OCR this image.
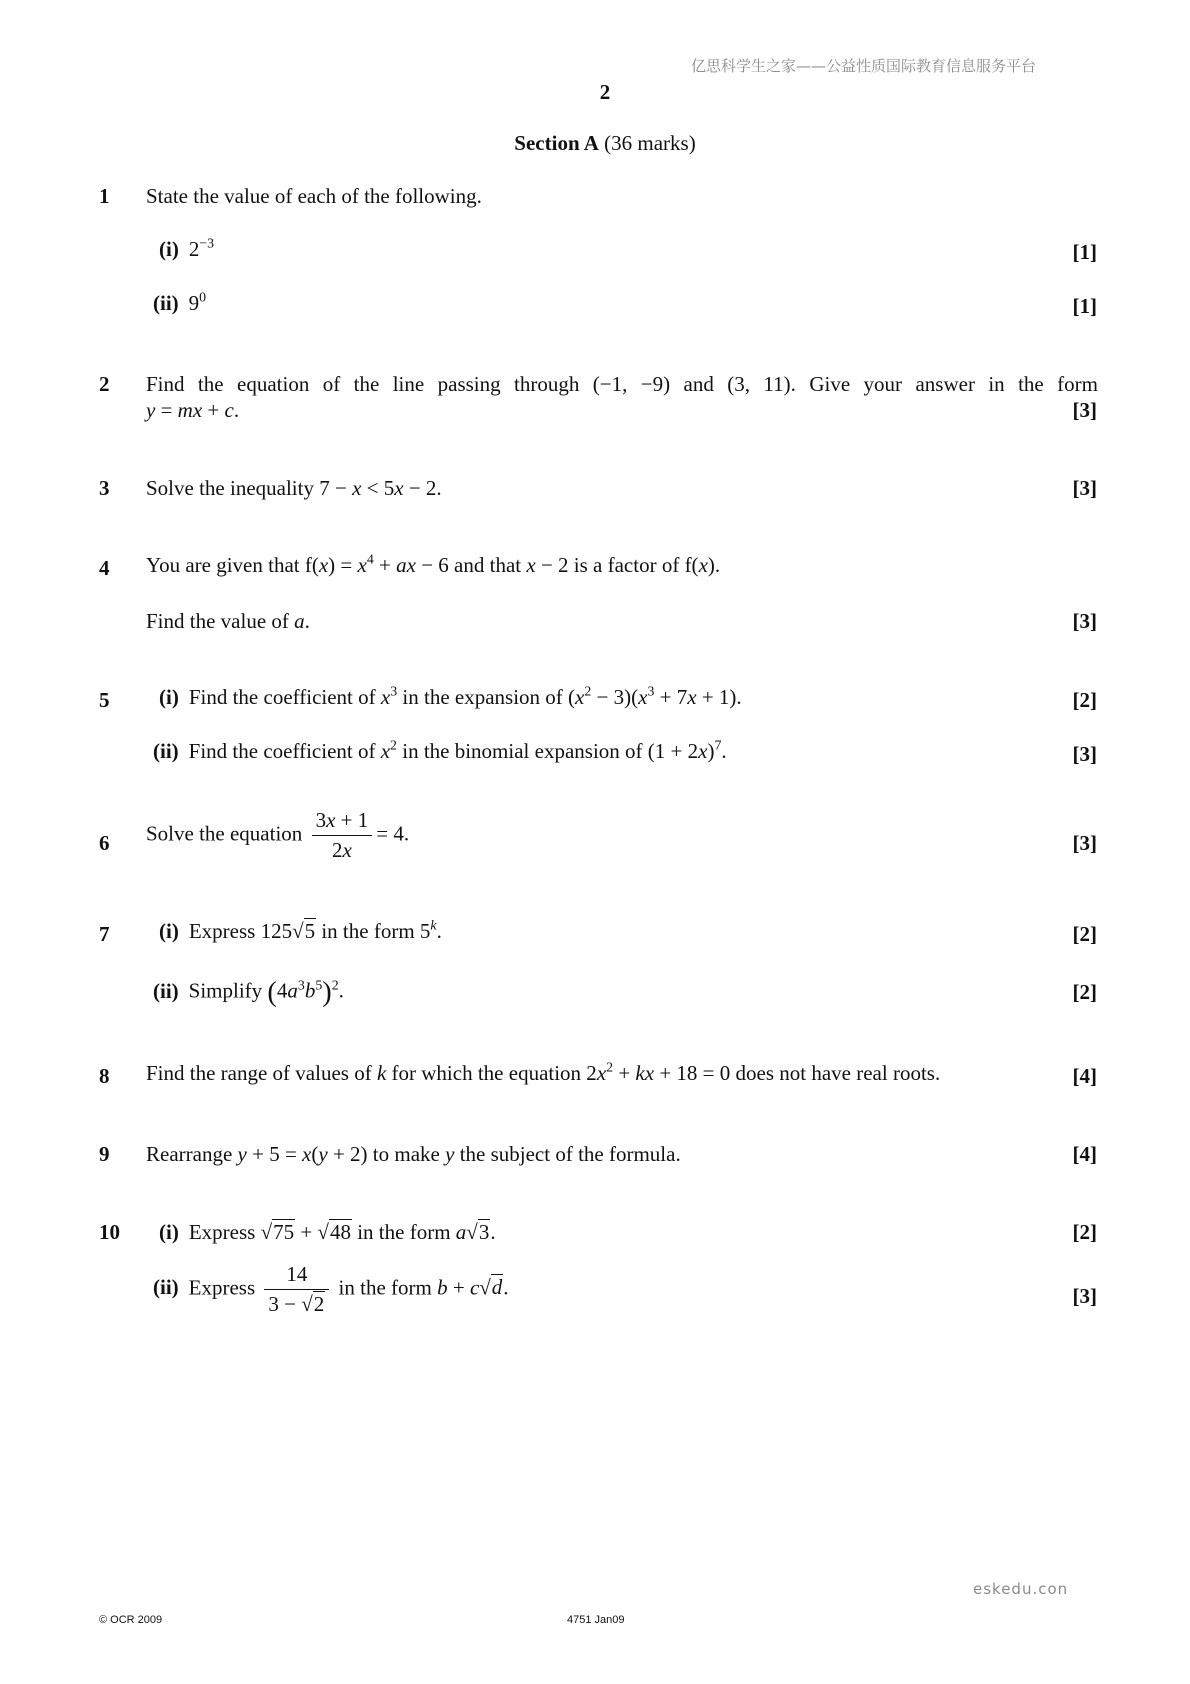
亿思科学生之家——公益性质国际教育信息服务平台
2
Section A (36 marks)
1 State the value of each of the following.
(i) $2^{-3}$	[1]
(ii) $9^0$	[1]
2 Find the equation of the line passing through (−1, −9) and (3, 11). Give your answer in the form
y = mx + c.	[3]
3 Solve the inequality 7 − x < 5x − 2.	[3]
4 You are given that $f(x) = x^4$ + ax − 6 and that x − 2 is a factor of f(x).
Find the value of a.	[3]
5 (i) Find the coefficient of $x^3$ in the expansion of $(x^2 - 3)(x^3 + 7x + 1)$.	[2]
(ii) Find the coefficient of $x^2$ in the binomial expansion of $(1 + 2x)^7$.	[3]
6 Solve the equation $\frac{3x + 1}{2x} = 4$.	[3]
7 (i) Express 125√5 in the form 5$^k$.	[2]
(ii) Simplify $(4a^3b^5)^2$.	[2]
8 Find the range of values of k for which the equation $2x^2$ + kx + 18 = 0 does not have real roots.	[4]
9 Rearrange y + 5 = x(y + 2) to make y the subject of the formula.	[4]
10 (i) Express √75 + √48 in the form a√3.	[2]
(ii) Express $\frac{14}{3 - √2}$ in the form b + c√d.	[3]
eskedu.con
© OCR 2009	4751 Jan09
